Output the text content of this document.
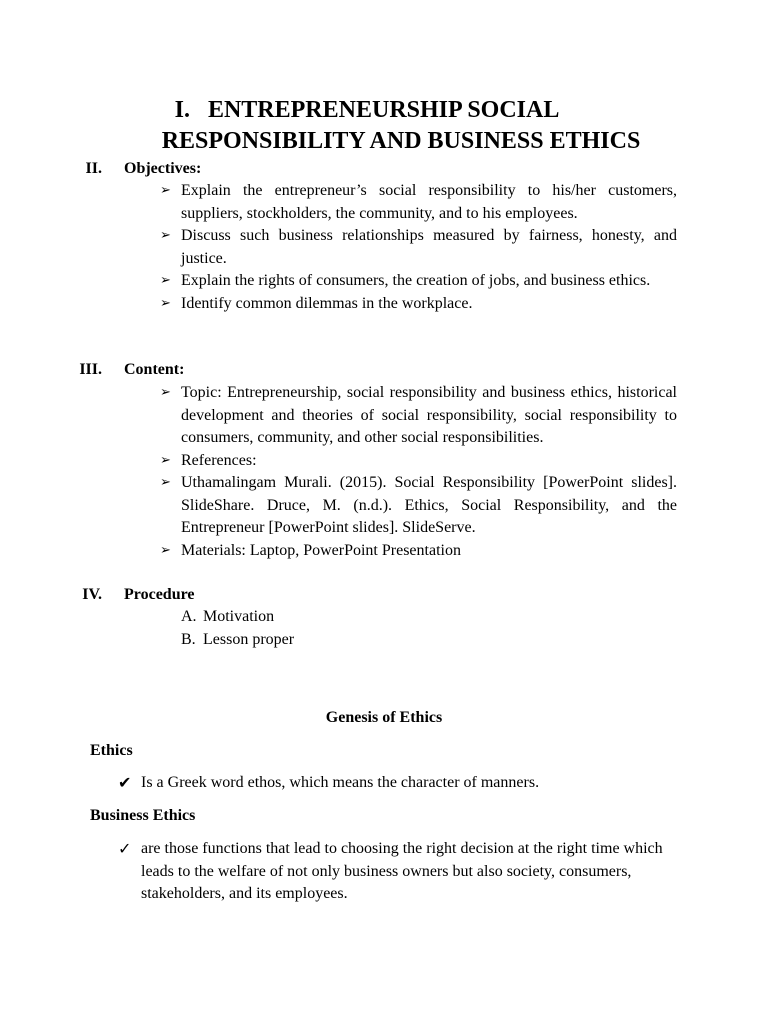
I. ENTREPRENEURSHIP SOCIAL
RESPONSIBILITY AND BUSINESS ETHICS
II. Objectives:
➢ Explain the entrepreneur’s social responsibility to his/her customers, suppliers, stockholders, the community, and to his employees.
➢ Discuss such business relationships measured by fairness, honesty, and justice.
➢ Explain the rights of consumers, the creation of jobs, and business ethics.
➢ Identify common dilemmas in the workplace.
III. Content:
➢ Topic: Entrepreneurship, social responsibility and business ethics, historical development and theories of social responsibility, social responsibility to consumers, community, and other social responsibilities.
➢ References:
➢ Uthamalingam Murali. (2015). Social Responsibility [PowerPoint slides]. SlideShare. Druce, M. (n.d.). Ethics, Social Responsibility, and the Entrepreneur [PowerPoint slides]. SlideServe.
➢ Materials: Laptop, PowerPoint Presentation
IV. Procedure
A. Motivation
B. Lesson proper
Genesis of Ethics
Ethics
✔ Is a Greek word ethos, which means the character of manners.
Business Ethics
✓ are those functions that lead to choosing the right decision at the right time which leads to the welfare of not only business owners but also society, consumers, stakeholders, and its employees.
